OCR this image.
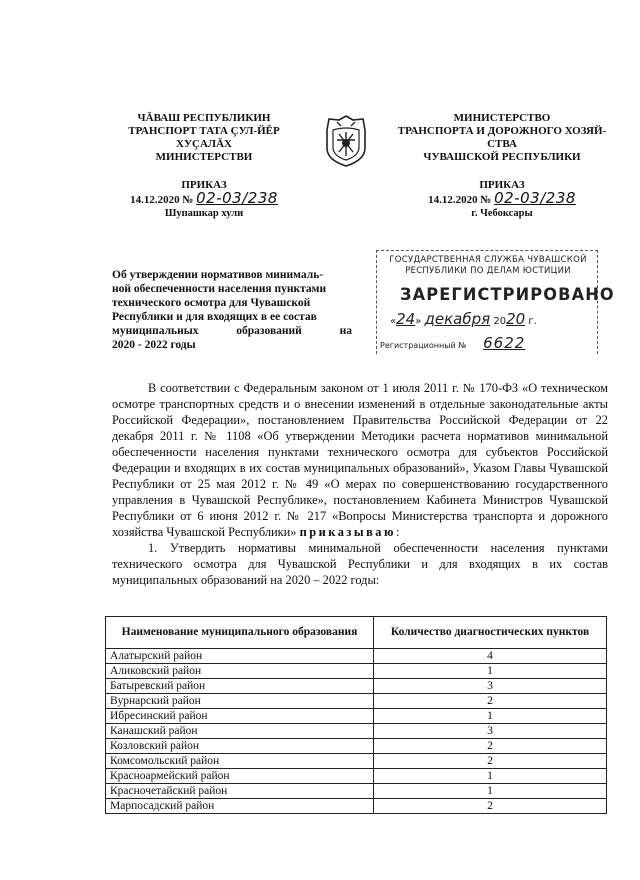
ЧĂВАШ РЕСПУБЛИКИН
ТРАНСПОРТ ТАТА ÇУЛ-ЙĔР
ХУÇАЛĂХ
МИНИСТЕРСТВИ
ПРИКАЗ
14.12.2020 № 02-03/238
Шупашкар хули
МИНИСТЕРСТВО
ТРАНСПОРТА И ДОРОЖНОГО ХОЗЯЙ-
СТВА
ЧУВАШСКОЙ РЕСПУБЛИКИ
ПРИКАЗ
14.12.2020 № 02-03/238
г. Чебоксары
Об утверждении нормативов минималь-
ной обеспеченности населения пунктами
технического осмотра для Чувашской
Республики и для входящих в ее состав
муниципальных образований на
2020 - 2022 годы
ГОСУДАРСТВЕННАЯ СЛУЖБА ЧУВАШСКОЙ
РЕСПУБЛИКИ ПО ДЕЛАМ ЮСТИЦИИ
ЗАРЕГИСТРИРОВАНО
«24» декабря 2020 г.
Регистрационный № 6622

В соответствии с Федеральным законом от 1 июля 2011 г. № 170-ФЗ «О техническом осмотре транспортных средств и о внесении изменений в отдельные законодательные акты Российской Федерации», постановлением Правительства Российской Федерации от 22 декабря 2011 г. № 1108 «Об утверждении Методики расчета нормативов минимальной обеспеченности населения пунктами технического осмотра для субъектов Российской Федерации и входящих в их состав муниципальных образований», Указом Главы Чувашской Республики от 25 мая 2012 г. № 49 «О мерах по совершенствованию государственного управления в Чувашской Республике», постановлением Кабинета Министров Чувашской Республики от 6 июня 2012 г. № 217 «Вопросы Министерства транспорта и дорожного хозяйства Чувашской Республики» приказываю:

1. Утвердить нормативы минимальной обеспеченности населения пунктами технического осмотра для Чувашской Республики и для входящих в их состав муниципальных образований на 2020 – 2022 годы:

Наименование муниципального образования	Количество диагностических пунктов
Алатырский район	4
Аликовский район	1
Батыревский район	3
Вурнарский район	2
Ибресинский район	1
Канашский район	3
Козловский район	2
Комсомольский район	2
Красноармейский район	1
Красночетайский район	1
Марпосадский район	2
